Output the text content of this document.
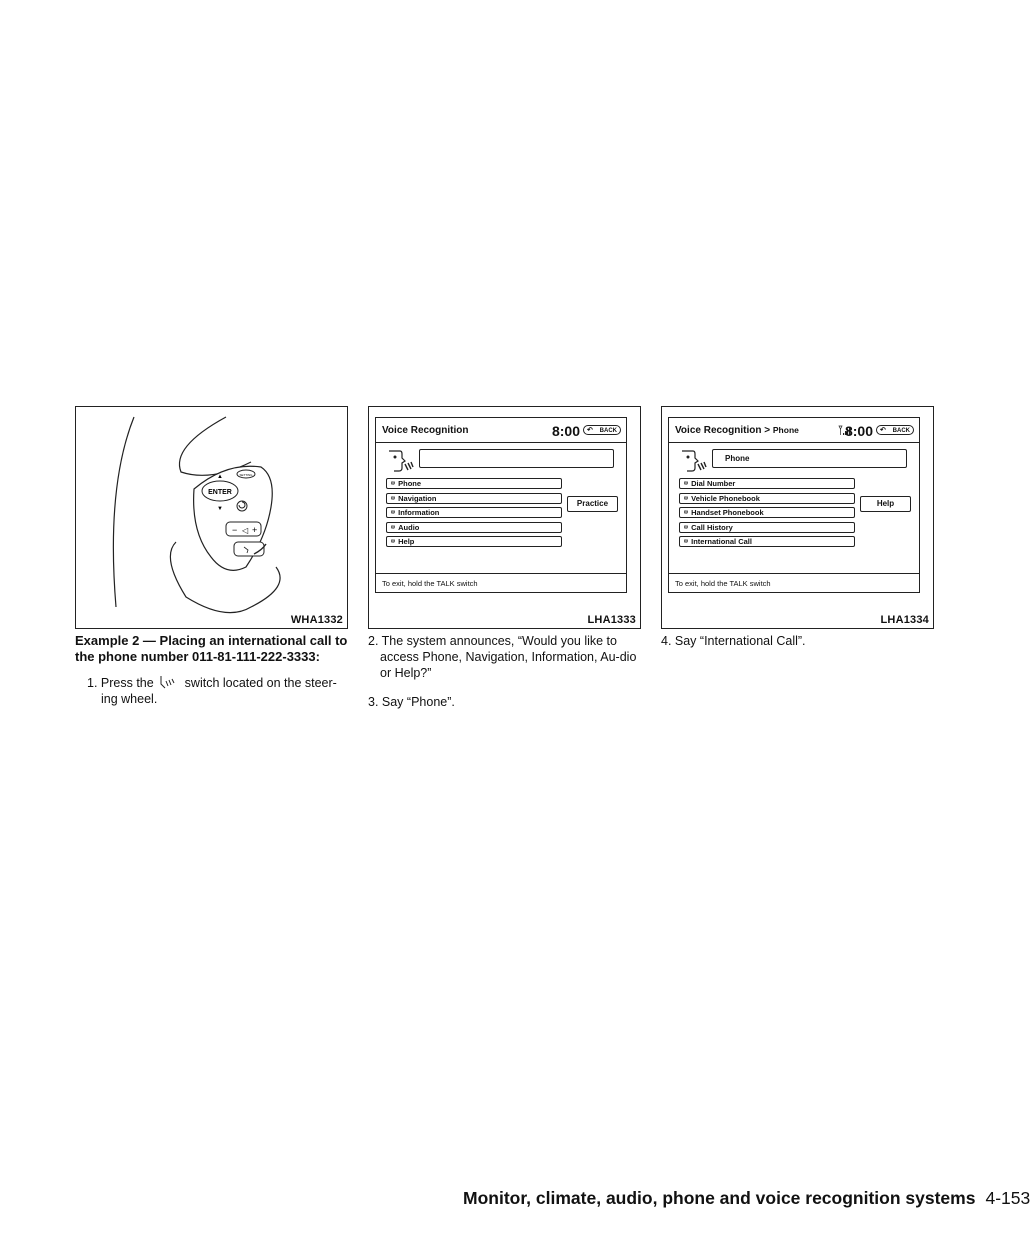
ENTER
▲
▼
SETTING
− ◁ +
WHA1332
Voice Recognition	8:00 ↶ BACK
ᶹᶹ Phone
ᶹᶹ Navigation
ᶹᶹ Information
ᶹᶹ Audio
ᶹᶹ Help
Practice
To exit, hold the TALK switch
LHA1333
Voice Recognition > Phone	8:00 ↶ BACK
Phone
ᶹᶹ Dial Number
ᶹᶹ Vehicle Phonebook
ᶹᶹ Handset Phonebook
ᶹᶹ Call History
ᶹᶹ International Call
Help
To exit, hold the TALK switch
LHA1334

Example 2 — Placing an international call to the phone number 011-81-111-222-3333:

1. Press the switch located on the steer-ing wheel.

2. The system announces, “Would you like to access Phone, Navigation, Information, Au-dio or Help?”

3. Say “Phone”.

4. Say “International Call”.

Monitor, climate, audio, phone and voice recognition systems 4-153
